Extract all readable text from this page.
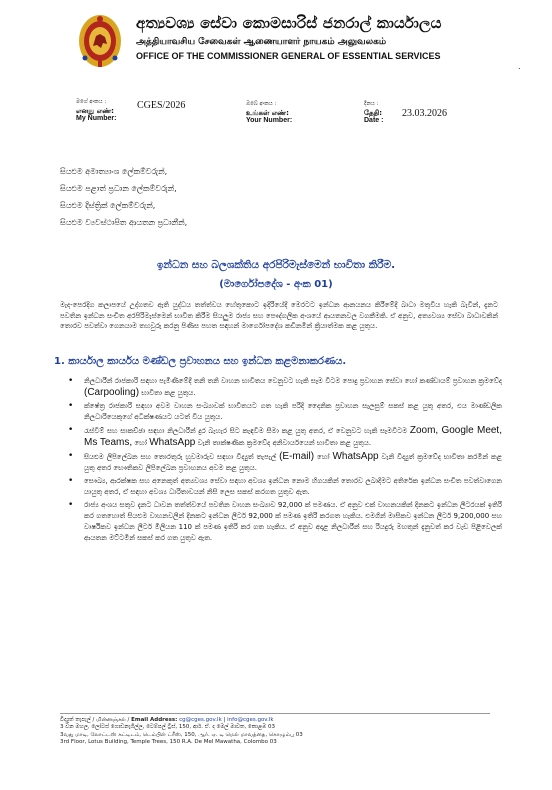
අත්‍යවශ්‍ය සේවා කොමසාරිස් ජනරාල් කාර්යාලය
அத்தியாவசிய சேவைகள் ஆணையாளர் நாயகம் அலுவலகம்
OFFICE OF THE COMMISSIONER GENERAL OF ESSENTIAL SERVICES
.
මගේ අංකය :
எனது எண்:
My Number:
CGES/2026	ඔබේ අංකය :
உங்கள் எண்:
Your Number:
දිනය :
தேதி:
Date :
23.03.2026
සියළුම අමාත්‍යාංශ ලේකම්වරුන්,
සියළුම පළාත් ප්‍රධාන ලේකම්වරුන්,
සියළුම දිස්ත්‍රික් ලේකම්වරුන්,
සියළුම ව්‍යවස්ථාපිත ආයතන ප්‍රධානීන්,
ඉන්ධන සහ බලශක්තිය අරපිරිමැස්මෙන් භාවිතා කිරීම.
(මාර්ගෝපදේශ - අංක 01)
මැද-පෙරදිග කලාපයේ උද්ගතව ඇති යුද්ධය තත්ත්වය හේතුකොට ඉදිරියේදී මෙරටට ඉන්ධන ආනයනය කිරීමේදී බාධා මතුවිය හැකි බැවින්, දැනට පවතින ඉන්ධන සංචිත අරපිරිමැස්මෙන් භාවිත කිරීම සියලුම රාජ්‍ය සහ පෞද්ගලික අංශයේ ආයතනවල වගකීමකි. ඒ අනුව, අත්‍යවශ්‍ය සේවා බාධාවකින් තොරව පවත්වා ගෙනයාම තහවුරු කරනු පිණිස පහත සඳහන් මාර්ගෝපදේශ කඩිනමින් ක්‍රියාත්මක කළ යුතුය.
1. කාර්යාල කාර්යය මණ්ඩල ප්‍රවාහනය සහ ඉන්ධන කළමනාකරණය.
• නිලධාරීන් රාජකාරි සඳහා පැමිණීමේදී තනි තනි වාහන භාවිතය වෙනුවට හැකි සෑම විටම පොදු ප්‍රවාහන සේවා හෝ කණ්ඩායම් ප්‍රවාහන ක්‍රමවේද (Carpooling) භාවිතා කළ යුතුය.
• ක්ෂේත්‍ර රාජකාරි සඳහා අවම වාහන සංඛ්‍යාවක් භාවිතයට ගත හැකි පරිදි දෛනික ප්‍රවාහන සැලසුම් සකස් කළ යුතු අතර, එය මාණ්ඩලික නිලධාරියෙකුගේ අධීක්ෂණයට යටත් විය යුතුය.
• රැස්වීම් සහ සාකච්ඡා සඳහා නිලධාරීන් දුර බැහැර සිට කැඳවීම සීමා කළ යුතු අතර, ඒ වෙනුවට හැකි සෑමවිටම Zoom, Google Meet, Ms Teams, හෝ WhatsApp වැනි තාක්ෂණික ක්‍රමවේද අනිවාර්යයෙන් භාවිතා කළ යුතුය.
• සියළුම ලිපිලේඛන සහ තොරතුරු හුවමාරුව සඳහා විද්‍යුත් තැපැල් (E-mail) හෝ WhatsApp වැනි විද්‍යුත් ක්‍රමවේද භාවිතා කරමින් කළ යුතු අතර භෞතිකව ලිපිලේඛන ප්‍රවාහනය අවම කළ යුතුය.
• සෞඛ්‍ය, ආරක්ෂක සහ අනෙකුත් අත්‍යවශ්‍ය සේවා සඳහා අවශ්‍ය ඉන්ධන නොම හිගයකින් තොරව ලබාදීමට අතිරේක ඉන්ධන සංචිත පවත්වාගෙන යායුතු අතර, ඒ සඳහා අවශ්‍ය ධාරිතාවයන් නිසි ලෙස සකස් කරගත යුතුව ඇත.
• රාජ්‍ය අංශය සතුව දැනට ධාවන තත්ත්වයේ පවතින වාහන සංඛ්‍යාව 92,000 ක් පමණය. ඒ අනුව එක් වාහනයකින් දිනකට ඉන්ධන ලීටරයක් ඉතිරි කර ගතහොත් සියළුම වාහනවලින් දිනකට ඉන්ධන ලීටර් 92,000 ක් පමණ ඉතිරි කරගත හැකිය. එමගින් මාසිකව ඉන්ධන ලීටර් 9,200,000 සහ වාර්ෂිකව ඉන්ධන ලීටර් මිලියන 110 ක් පමණ ඉතිරි කර ගත හැකිය. ඒ අනුව අදාළ නිලධාරීන් සහ රියදුරු මහතුන් දැනුවත් කර වැඩ පිළිවෙලක් ආයතන මට්ටමින් සකස් කර ගත යුතුව ඇත.
විද්‍යුත් තැපැල් / மின்னஞ்சல் / Email Address: cg@cges.gov.lk | info@cges.gov.lk
3 වන මහල, ලෝටස් ගොඩනැගිල්ල, ටෙම්පල් ට්‍රීස්, 150, ආර්. ඒ. ද මෙල් මාවත, කොළඹ 03
3வது மாடி, லோட்டஸ் கட்டிடம், டெம்பிள் ட்ரீஸ், 150, ஆர். ஏ. டி மெல் மாவத்தை, கொழும்பு 03
3rd Floor, Lotus Building, Temple Trees, 150 R.A. De Mel Mawatha, Colombo 03
